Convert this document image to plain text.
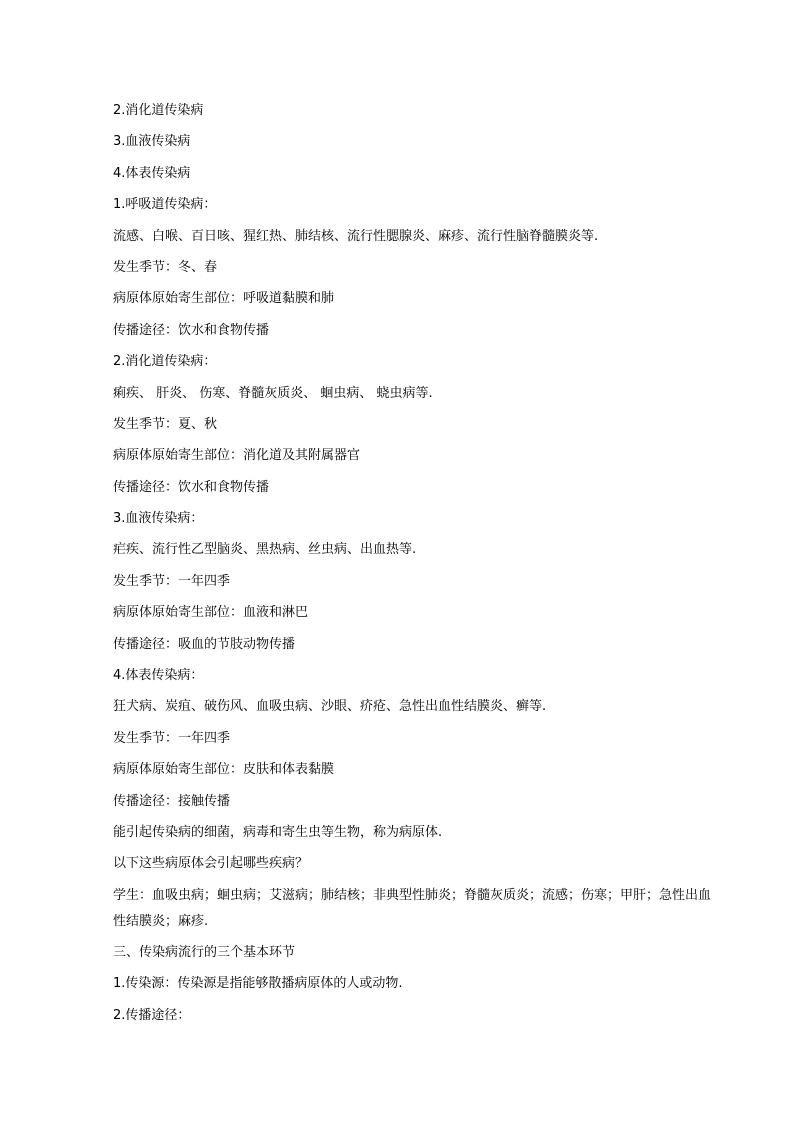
2.消化道传染病
3.血液传染病
4.体表传染病
1.呼吸道传染病：
流感、白喉、百日咳、猩红热、肺结核、流行性腮腺炎、麻疹、流行性脑脊髓膜炎等.
发生季节：冬、春
病原体原始寄生部位：呼吸道黏膜和肺
传播途径：饮水和食物传播
2.消化道传染病：
痢疾、 肝炎、 伤寒、脊髓灰质炎、 蛔虫病、 蛲虫病等.
发生季节：夏、秋
病原体原始寄生部位：消化道及其附属器官
传播途径：饮水和食物传播
3.血液传染病：
疟疾、流行性乙型脑炎、黑热病、丝虫病、出血热等.
发生季节：一年四季
病原体原始寄生部位：血液和淋巴
传播途径：吸血的节肢动物传播
4.体表传染病：
狂犬病、炭疽、破伤风、血吸虫病、沙眼、疥疮、急性出血性结膜炎、癣等.
发生季节：一年四季
病原体原始寄生部位：皮肤和体表黏膜
传播途径：接触传播
能引起传染病的细菌，病毒和寄生虫等生物，称为病原体.
以下这些病原体会引起哪些疾病？
学生：血吸虫病；蛔虫病；艾滋病；肺结核；非典型性肺炎；脊髓灰质炎；流感；伤寒；甲肝；急性出血性结膜炎；麻疹.
三、传染病流行的三个基本环节
1.传染源：传染源是指能够散播病原体的人或动物.
2.传播途径：
